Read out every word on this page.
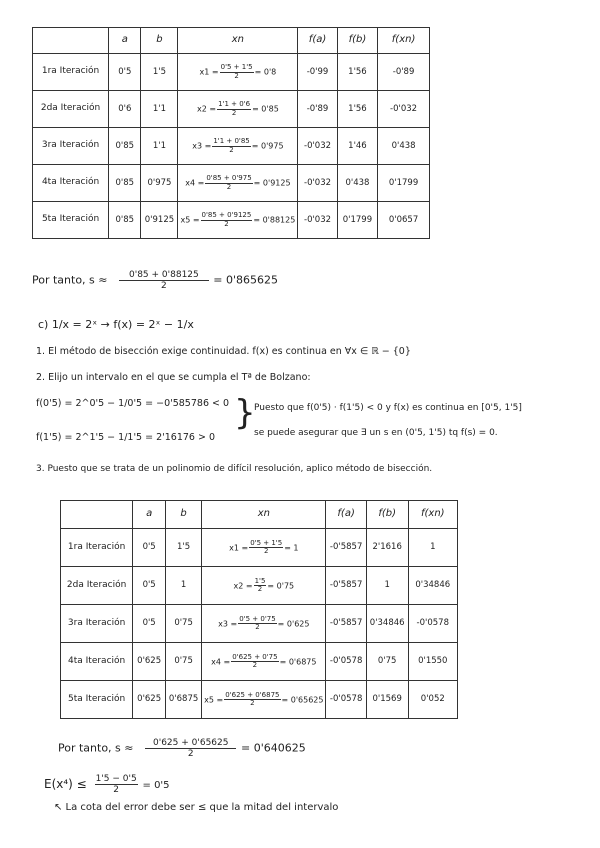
	a	b	xn	f(a)	f(b)	f(xn)
1ra Iteración	0'5	1'5	$x1 = \frac{0'5 + 1'5}{2} = 0'8$	-0'99	1'56	-0'89
2da Iteración	0'6	1'1	$x2 = \frac{1'1 + 0'6}{2} = 0'85$	-0'89	1'56	-0'032
3ra Iteración	0'85	1'1	$x3 = \frac{1'1 + 0'85}{2} = 0'975$	-0'032	1'46	0'438
4ta Iteración	0'85	0'975	$x4 = \frac{0'85 + 0'975}{2} = 0'9125$	-0'032	0'438	0'1799
5ta Iteración	0'85	0'9125	$x5 = \frac{0'85 + 0'9125}{2} = 0'88125$	-0'032	0'1799	0'0657
Por tanto, $s \approx \frac{0'85 + 0'88125}{2} = 0'865625$
c) 1/x = 2ˣ → f(x) = 2ˣ − 1/x
1. El método de bisección exige continuidad. f(x) es continua en ∀x ∈ ℝ − {0}
2. Elijo un intervalo en el que se cumpla el Tª de Bolzano:
f(0'5) = 2^0'5 − 1/0'5 = −0'585786 < 0
f(1'5) = 2^1'5 − 1/1'5 = 2'16176 > 0
}
Puesto que f(0'5) · f(1'5) < 0 y f(x) es continua en [0'5, 1'5]
se puede asegurar que ∃ un s en (0'5, 1'5) tq f(s) = 0.
3. Puesto que se trata de un polinomio de difícil resolución, aplico método de bisección.
	a	b	xn	f(a)	f(b)	f(xn)
1ra Iteración	0'5	1'5	$x1 = \frac{0'5 + 1'5}{2} = 1$	-0'5857	2'1616	1
2da Iteración	0'5	1	$x2 = \frac{1'5}{2} = 0'75$	-0'5857	1	0'34846
3ra Iteración	0'5	0'75	$x3 = \frac{0'5 + 0'75}{2} = 0'625$	-0'5857	0'34846	-0'0578
4ta Iteración	0'625	0'75	$x4 = \frac{0'625 + 0'75}{2} = 0'6875$	-0'0578	0'75	0'1550
5ta Iteración	0'625	0'6875	$x5 = \frac{0'625 + 0'6875}{2} = 0'65625$	-0'0578	0'1569	0'052
Por tanto, $s \approx \frac{0'625 + 0'65625}{2} = 0'640625$
$E(x^4) \le \frac{1'5 - 0'5}{2} = 0'5$
↖ La cota del error debe ser ≤ que la mitad del intervalo
